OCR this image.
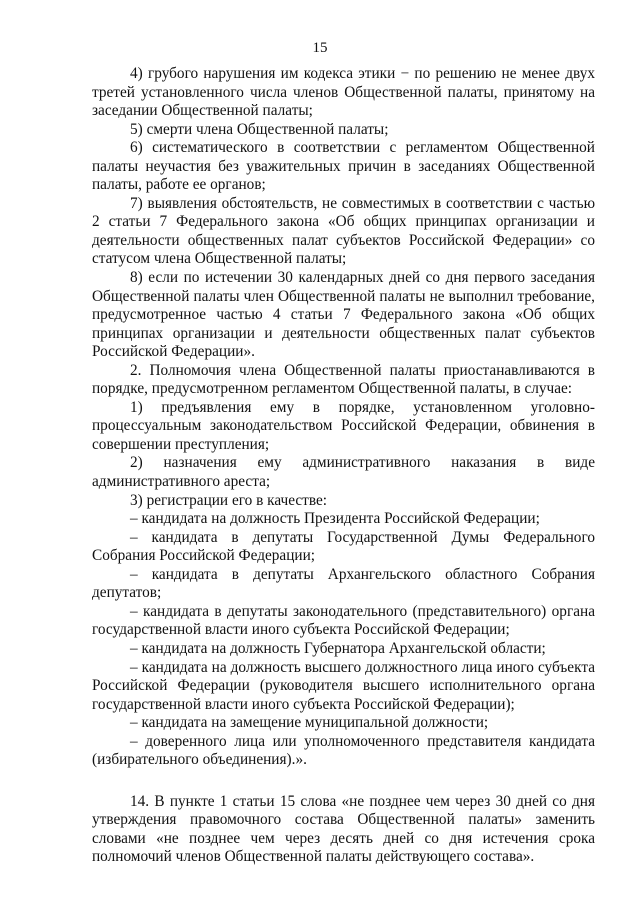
15

4) грубого нарушения им кодекса этики − по решению не менее двух третей установленного числа членов Общественной палаты, принятому на заседании Общественной палаты;

5) смерти члена Общественной палаты;

6) систематического в соответствии с регламентом Общественной палаты неучастия без уважительных причин в заседаниях Общественной палаты, работе ее органов;

7) выявления обстоятельств, не совместимых в соответствии с частью 2 статьи 7 Федерального закона «Об общих принципах организации и деятельности общественных палат субъектов Российской Федерации» со статусом члена Общественной палаты;

8) если по истечении 30 календарных дней со дня первого заседания Общественной палаты член Общественной палаты не выполнил требование, предусмотренное частью 4 статьи 7 Федерального закона «Об общих принципах организации и деятельности общественных палат субъектов Российской Федерации».

2. Полномочия члена Общественной палаты приостанавливаются в порядке, предусмотренном регламентом Общественной палаты, в случае:

1) предъявления ему в порядке, установленном уголовно-процессуальным законодательством Российской Федерации, обвинения в совершении преступления;

2) назначения ему административного наказания в виде административного ареста;

3) регистрации его в качестве:

– кандидата на должность Президента Российской Федерации;

– кандидата в депутаты Государственной Думы Федерального Собрания Российской Федерации;

– кандидата в депутаты Архангельского областного Собрания депутатов;

– кандидата в депутаты законодательного (представительного) органа государственной власти иного субъекта Российской Федерации;

– кандидата на должность Губернатора Архангельской области;

– кандидата на должность высшего должностного лица иного субъекта Российской Федерации (руководителя высшего исполнительного органа государственной власти иного субъекта Российской Федерации);

– кандидата на замещение муниципальной должности;

– доверенного лица или уполномоченного представителя кандидата (избирательного объединения).».

14. В пункте 1 статьи 15 слова «не позднее чем через 30 дней со дня утверждения правомочного состава Общественной палаты» заменить словами «не позднее чем через десять дней со дня истечения срока полномочий членов Общественной палаты действующего состава».
